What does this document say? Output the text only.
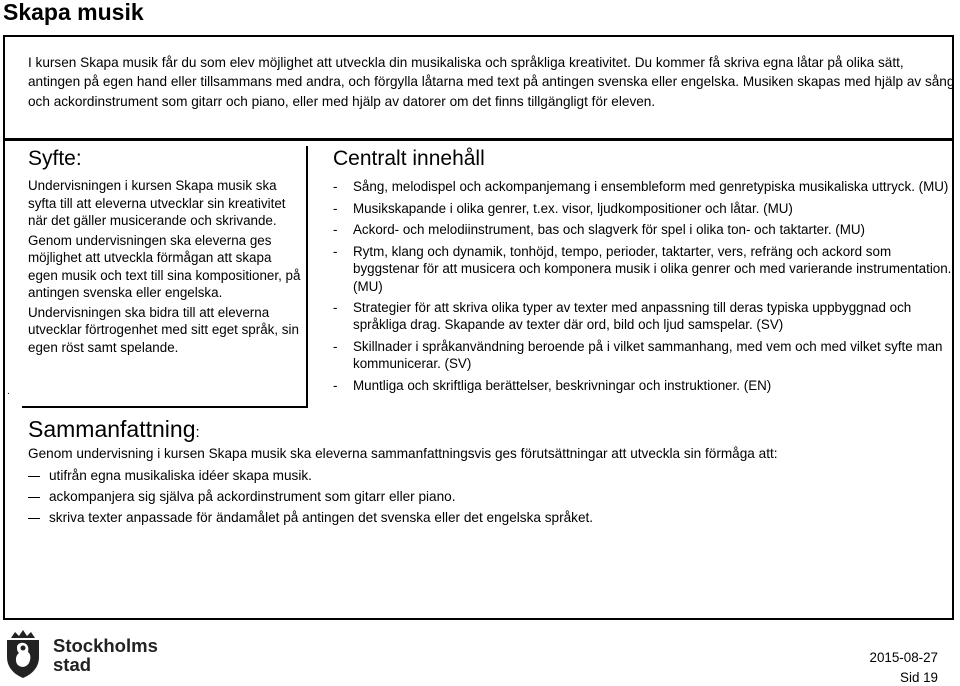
Skapa musik

I kursen Skapa musik får du som elev möjlighet att utveckla din musikaliska och språkliga kreativitet. Du kommer få skriva egna låtar på olika sätt, antingen på egen hand eller tillsammans med andra, och förgylla låtarna med text på antingen svenska eller engelska. Musiken skapas med hjälp av sång och ackordinstrument som gitarr och piano, eller med hjälp av datorer om det finns tillgängligt för eleven.

Syfte:

Undervisningen i kursen Skapa musik ska syfta till att eleverna utvecklar sin kreativitet när det gäller musicerande och skrivande.

Genom undervisningen ska eleverna ges möjlighet att utveckla förmågan att skapa egen musik och text till sina kompositioner, på antingen svenska eller engelska.

Undervisningen ska bidra till att eleverna utvecklar förtrogenhet med sitt eget språk, sin egen röst samt spelande.

.
Centralt innehåll
- Sång, melodispel och ackompanjemang i ensembleform med genretypiska musikaliska uttryck. (MU)
- Musikskapande i olika genrer, t.ex. visor, ljudkompositioner och låtar. (MU)
- Ackord- och melodiinstrument, bas och slagverk för spel i olika ton- och taktarter. (MU)
- Rytm, klang och dynamik, tonhöjd, tempo, perioder, taktarter, vers, refräng och ackord som byggstenar för att musicera och komponera musik i olika genrer och med varierande instrumentation.(MU)
- Strategier för att skriva olika typer av texter med anpassning till deras typiska uppbyggnad och språkliga drag. Skapande av texter där ord, bild och ljud samspelar. (SV)
- Skillnader i språkanvändning beroende på i vilket sammanhang, med vem och med vilket syfte man kommunicerar. (SV)
- Muntliga och skriftliga berättelser, beskrivningar och instruktioner. (EN)
Sammanfattning:

Genom undervisning i kursen Skapa musik ska eleverna sammanfattningsvis ges förutsättningar att utveckla sin förmåga att:

utifrån egna musikaliska idéer skapa musik.
ackompanjera sig själva på ackordinstrument som gitarr eller piano.
skriva texter anpassade för ändamålet på antingen det svenska eller det engelska språket.
Stockholms
stad	2015-08-27
Sid 19
